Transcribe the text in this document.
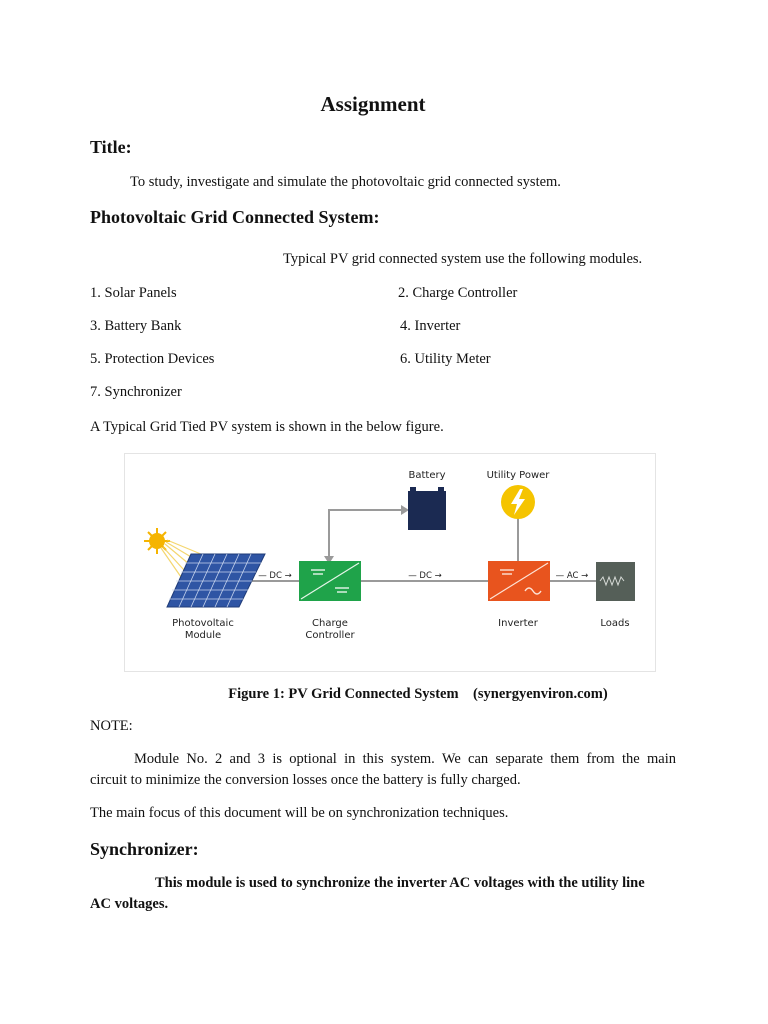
Assignment
Title:
To study, investigate and simulate the photovoltaic grid connected system.
Photovoltaic Grid Connected System:
Typical PV grid connected system use the following modules.
1. Solar Panels	2. Charge Controller
3. Battery Bank	4. Inverter
5. Protection Devices	6. Utility Meter
7. Synchronizer
A Typical Grid Tied PV system is shown in the below figure.
— DC →	— DC →	— AC →
Battery	Utility Power
Photovoltaic
Module
Charge
Controller
Inverter	Loads
Figure 1: PV Grid Connected System (synergyenviron.com)
NOTE:
Module No. 2 and 3 is optional in this system. We can separate them from the main
circuit to minimize the conversion losses once the battery is fully charged.
The main focus of this document will be on synchronization techniques.
Synchronizer:
This module is used to synchronize the inverter AC voltages with the utility line
AC voltages.
